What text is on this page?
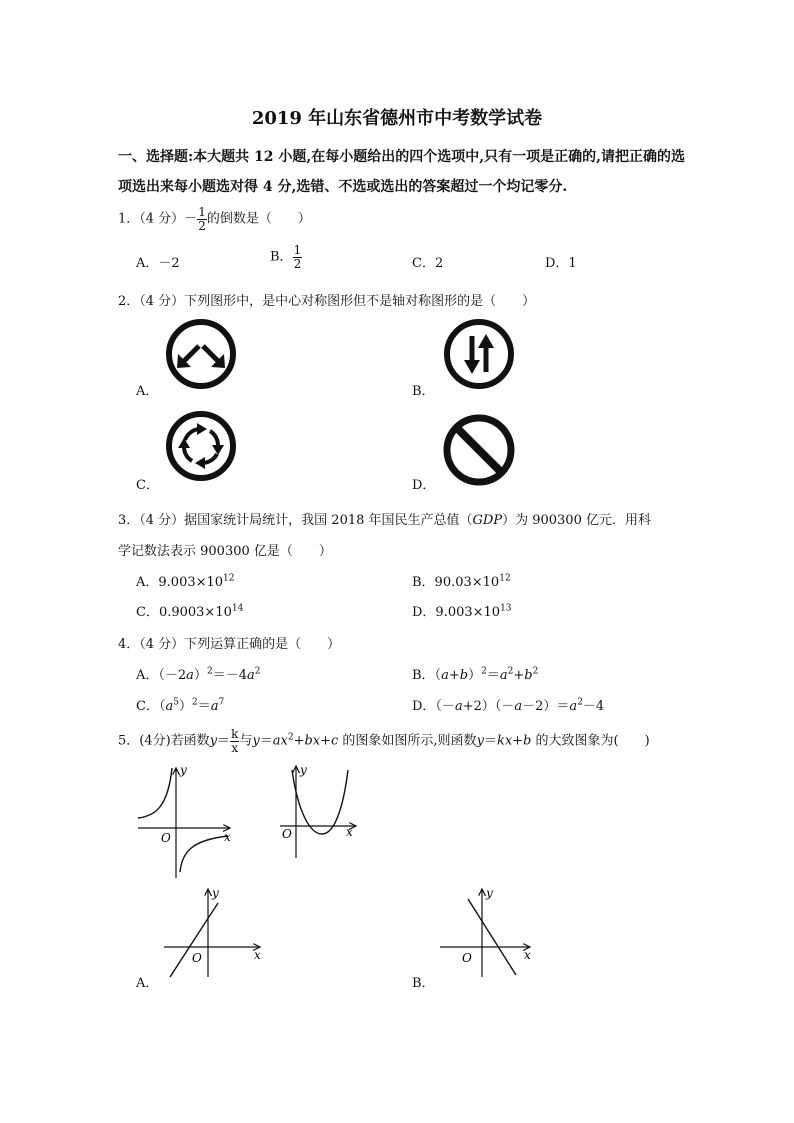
2019 年山东省德州市中考数学试卷
一、选择题:本大题共 12 小题,在每小题给出的四个选项中,只有一项是正确的,请把正确的选
项选出来每小题选对得 4 分,选错、不选或选出的答案超过一个均记零分.
1．（4 分）－ $\frac{1}{2}$ 的倒数是（　　）
A．－2	B． $\frac{1}{2}$	C．2	D．1
2．（4 分）下列图形中，是中心对称图形但不是轴对称图形的是（　　）
A．	B．
C．	D．
3．（4 分）据国家统计局统计，我国 2018 年国民生产总值（GDP）为 900300 亿元．用科
学记数法表示 900300 亿是（　　）
A．$9.003\times 10^{12}$	B．$90.03\times 10^{12}$
C．$0.9003\times 10^{14}$	D．$9.003\times 10^{13}$
4．（4 分）下列运算正确的是（　　）
A．$(-2a)^2=-4a^2$	B．$(a+b)^2=a^2+b^2$
C．$(a^5)^2=a^7$	D．$(-a+2)(-a-2)=a^2-4$
5．(4分)若函数$y= \frac{k}{x}$ 与$y=ax^2+bx+c$ 的图象如图所示,则函数y＝kx+b 的大致图象为(　　)
y
x
O
y
x
O
y
x
O
A．
y
x
O
B．
